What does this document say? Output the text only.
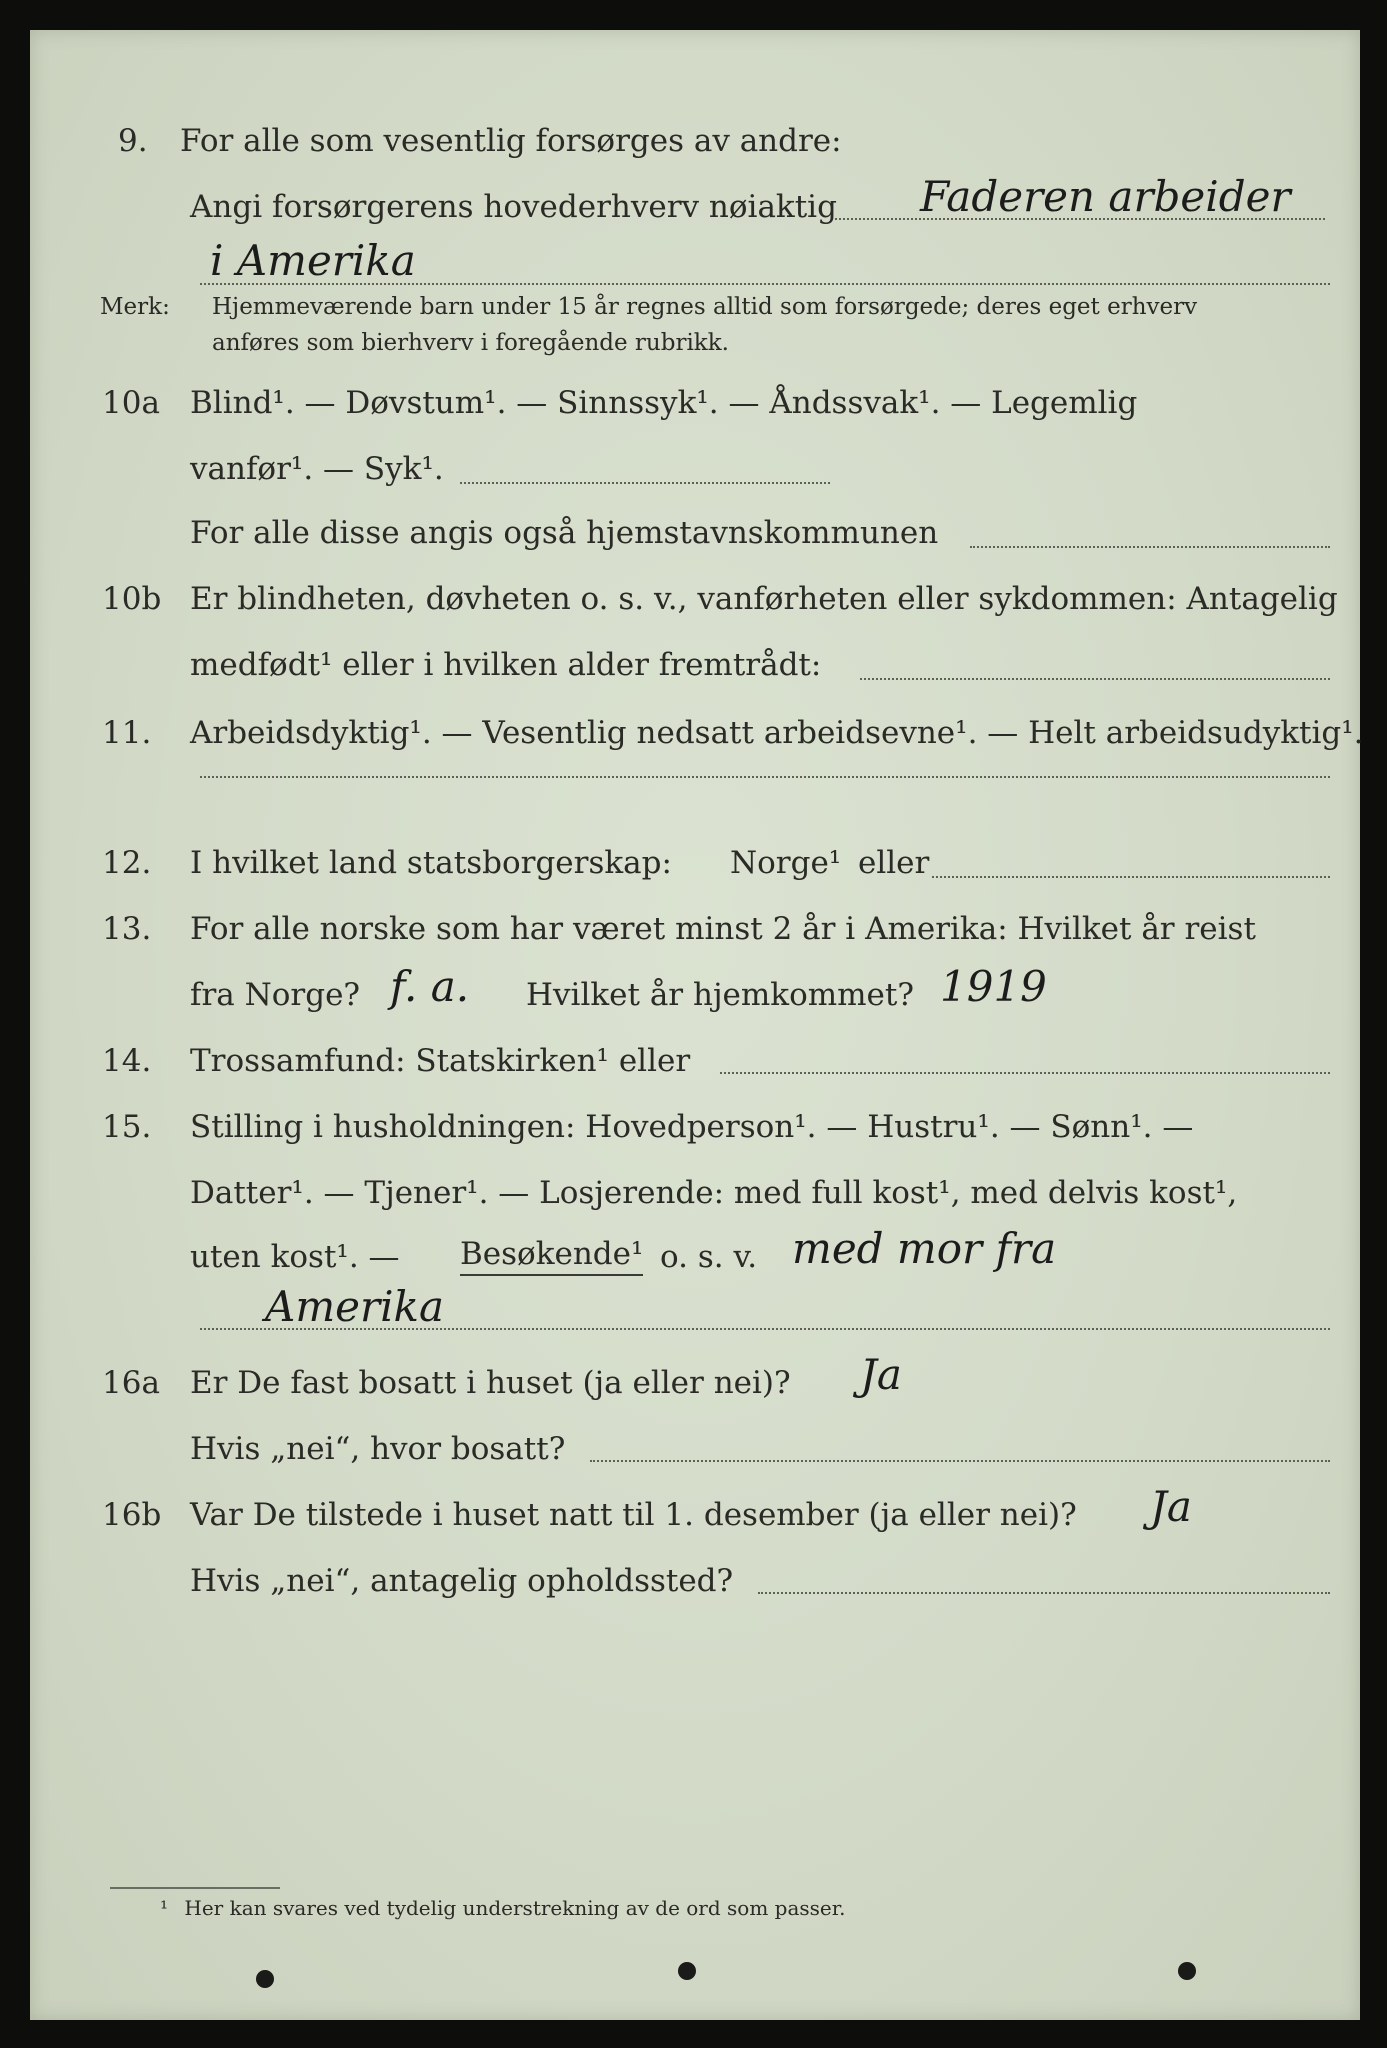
9. For alle som vesentlig forsørges av andre:
Angi forsørgerens hovederhverv nøiaktig Faderen arbeider
i Amerika
Merk: Hjemmeværende barn under 15 år regnes alltid som forsørgede; deres eget erhverv
anføres som bierhverv i foregående rubrikk.
10a Blind¹. — Døvstum¹. — Sinnssyk¹. — Åndssvak¹. — Legemlig
vanfør¹. — Syk¹.
For alle disse angis også hjemstavnskommunen
10b Er blindheten, døvheten o. s. v., vanførheten eller sykdommen: Antagelig
medfødt¹ eller i hvilken alder fremtrådt:
11. Arbeidsdyktig¹. — Vesentlig nedsatt arbeidsevne¹. — Helt arbeidsudyktig¹.
12. I hvilket land statsborgerskap: Norge¹ eller
13. For alle norske som har været minst 2 år i Amerika: Hvilket år reist
fra Norge?	Hvilket år hjemkommet?
f. a.	1919
14. Trossamfund: Statskirken¹ eller
15. Stilling i husholdningen: Hovedperson¹. — Hustru¹. — Sønn¹. —
Datter¹. — Tjener¹. — Losjerende: med full kost¹, med delvis kost¹,
uten kost¹. — Besøkende¹ o. s. v. med mor fra
Amerika
16a Er De fast bosatt i huset (ja eller nei)? Ja
Hvis „nei“, hvor bosatt?
16b Var De tilstede i huset natt til 1. desember (ja eller nei)? Ja
Hvis „nei“, antagelig opholdssted?
¹ Her kan svares ved tydelig understrekning av de ord som passer.
